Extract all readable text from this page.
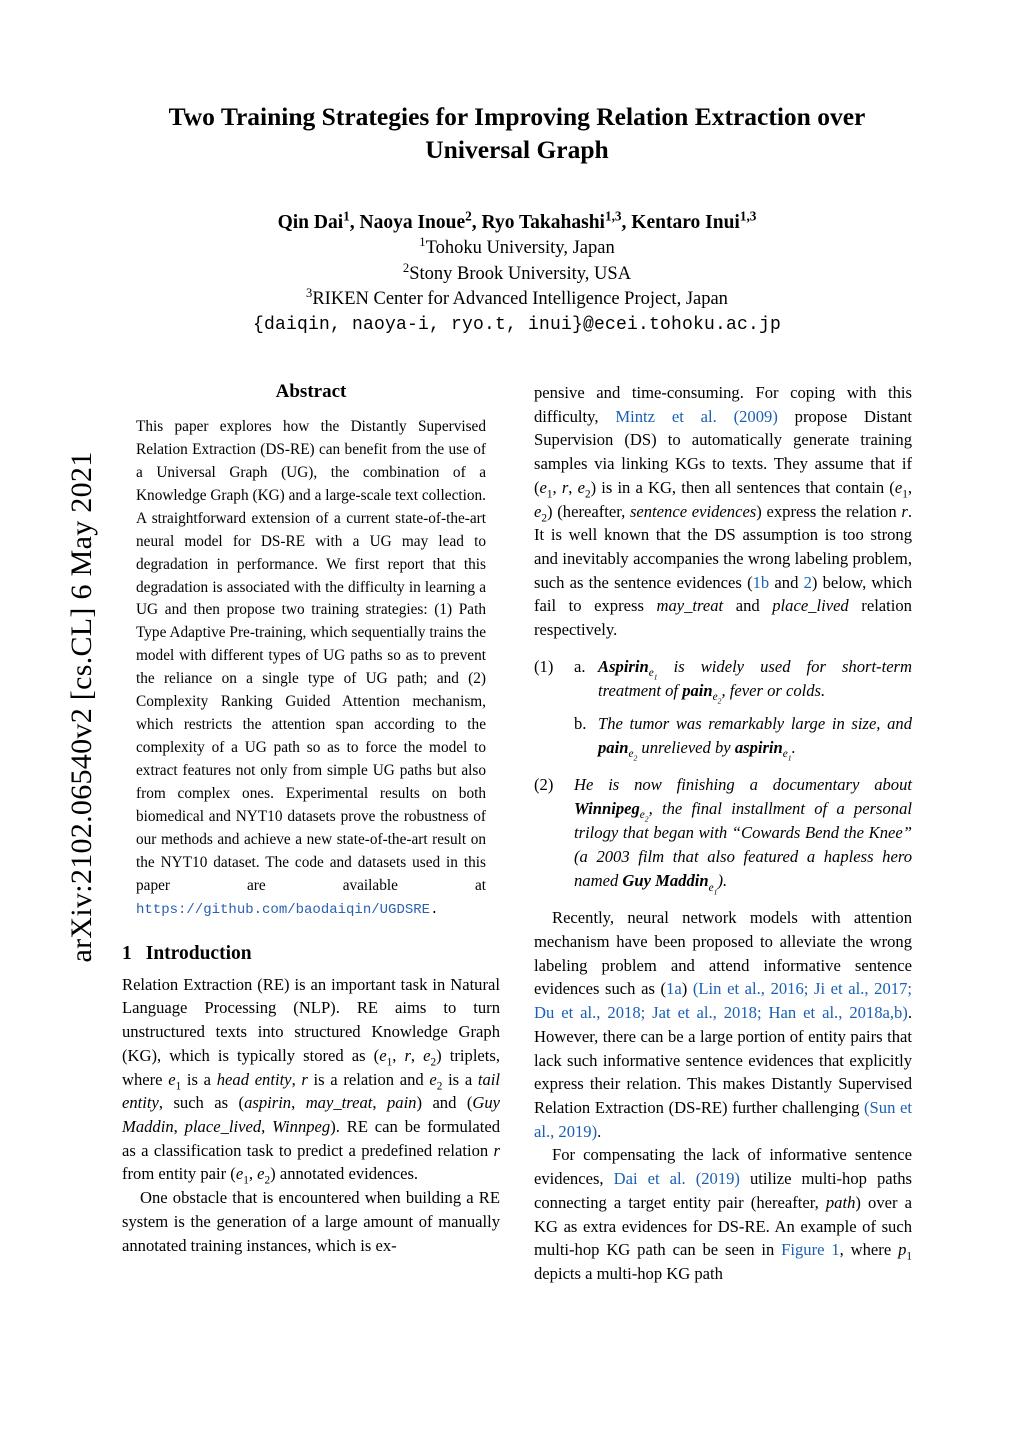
arXiv:2102.06540v2 [cs.CL] 6 May 2021
Two Training Strategies for Improving Relation Extraction over Universal Graph
Qin Dai$^1$, Naoya Inoue$^2$, Ryo Takahashi$^{1,3}$, Kentaro Inui$^{1,3}$
$^1$Tohoku University, Japan
$^2$Stony Brook University, USA
$^3$RIKEN Center for Advanced Intelligence Project, Japan
{daiqin, naoya-i, ryo.t, inui}@ecei.tohoku.ac.jp
Abstract
This paper explores how the Distantly Supervised Relation Extraction (DS-RE) can benefit from the use of a Universal Graph (UG), the combination of a Knowledge Graph (KG) and a large-scale text collection. A straightforward extension of a current state-of-the-art neural model for DS-RE with a UG may lead to degradation in performance. We first report that this degradation is associated with the difficulty in learning a UG and then propose two training strategies: (1) Path Type Adaptive Pre-training, which sequentially trains the model with different types of UG paths so as to prevent the reliance on a single type of UG path; and (2) Complexity Ranking Guided Attention mechanism, which restricts the attention span according to the complexity of a UG path so as to force the model to extract features not only from simple UG paths but also from complex ones. Experimental results on both biomedical and NYT10 datasets prove the robustness of our methods and achieve a new state-of-the-art result on the NYT10 dataset. The code and datasets used in this paper are available at https://github.com/baodaiqin/UGDSRE.
1 Introduction

Relation Extraction (RE) is an important task in Natural Language Processing (NLP). RE aims to turn unstructured texts into structured Knowledge Graph (KG), which is typically stored as ($e_1$, r, $e_2$) triplets, where $e_1$ is a head entity, r is a relation and $e_2$ is a tail entity, such as (aspirin, may_treat, pain) and (Guy Maddin, place_lived, Winnpeg). RE can be formulated as a classification task to predict a predefined relation r from entity pair ($e_1$, $e_2$) annotated evidences.

One obstacle that is encountered when building a RE system is the generation of a large amount of manually annotated training instances, which is ex-

pensive and time-consuming. For coping with this difficulty, Mintz et al. (2009) propose Distant Supervision (DS) to automatically generate training samples via linking KGs to texts. They assume that if ($e_1$, r, $e_2$) is in a KG, then all sentences that contain ($e_1$, $e_2$) (hereafter, sentence evidences) express the relation r. It is well known that the DS assumption is too strong and inevitably accompanies the wrong labeling problem, such as the sentence evidences (1b and 2) below, which fail to express may_treat and place_lived relation respectively.

(1)	a. Aspirin$_{e_1}$ is widely used for short-term treatment of pain$_{e_2}$, fever or colds.
b. The tumor was remarkably large in size, and pain$_{e_2}$ unrelieved by aspirin$_{e_1}$.
(2)	He is now finishing a documentary about Winnipeg$_{e_2}$, the final installment of a personal trilogy that began with “Cowards Bend the Knee” (a 2003 film that also featured a hapless hero named Guy Maddin$_{e_1}$).

Recently, neural network models with attention mechanism have been proposed to alleviate the wrong labeling problem and attend informative sentence evidences such as (1a) (Lin et al., 2016; Ji et al., 2017; Du et al., 2018; Jat et al., 2018; Han et al., 2018a,b). However, there can be a large portion of entity pairs that lack such informative sentence evidences that explicitly express their relation. This makes Distantly Supervised Relation Extraction (DS-RE) further challenging (Sun et al., 2019).

For compensating the lack of informative sentence evidences, Dai et al. (2019) utilize multi-hop paths connecting a target entity pair (hereafter, path) over a KG as extra evidences for DS-RE. An example of such multi-hop KG path can be seen in Figure 1, where $p_1$ depicts a multi-hop KG path
